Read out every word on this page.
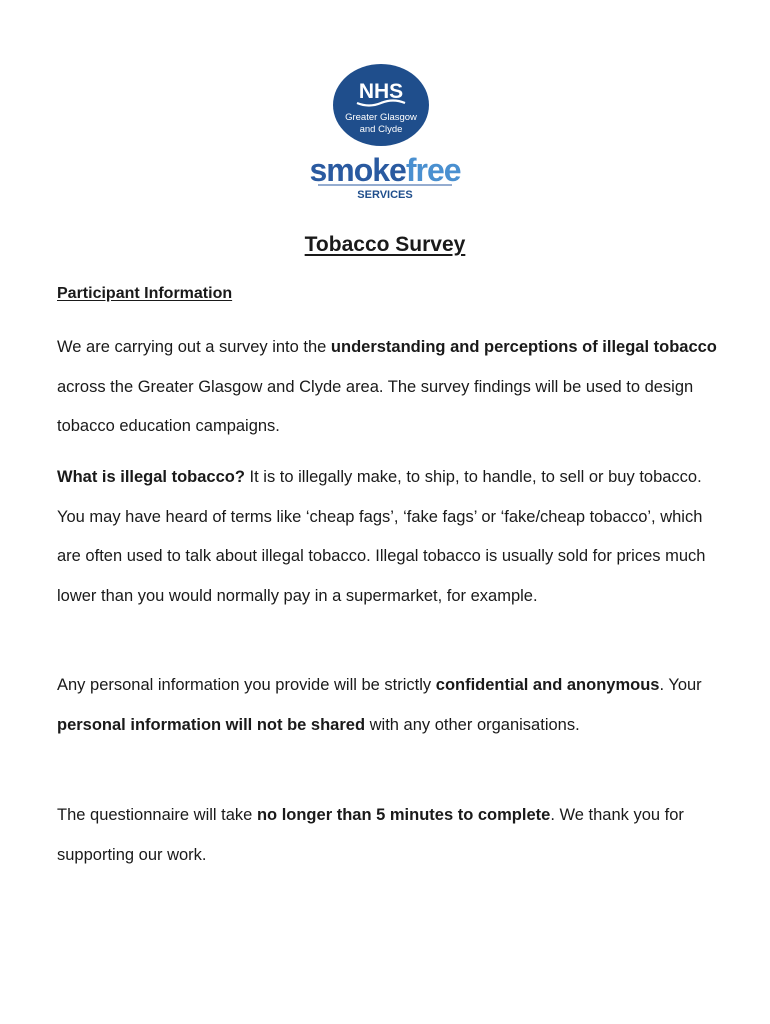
NHS
Greater Glasgow
and Clyde
smokefree
SERVICES
Tobacco Survey
Participant Information

We are carrying out a survey into the understanding and perceptions of illegal tobacco across the Greater Glasgow and Clyde area. The survey findings will be used to design tobacco education campaigns.

What is illegal tobacco? It is to illegally make, to ship, to handle, to sell or buy tobacco. You may have heard of terms like ‘cheap fags’, ‘fake fags’ or ‘fake/cheap tobacco’, which are often used to talk about illegal tobacco. Illegal tobacco is usually sold for prices much lower than you would normally pay in a supermarket, for example.

Any personal information you provide will be strictly confidential and anonymous. Your personal information will not be shared with any other organisations.

The questionnaire will take no longer than 5 minutes to complete. We thank you for supporting our work.
